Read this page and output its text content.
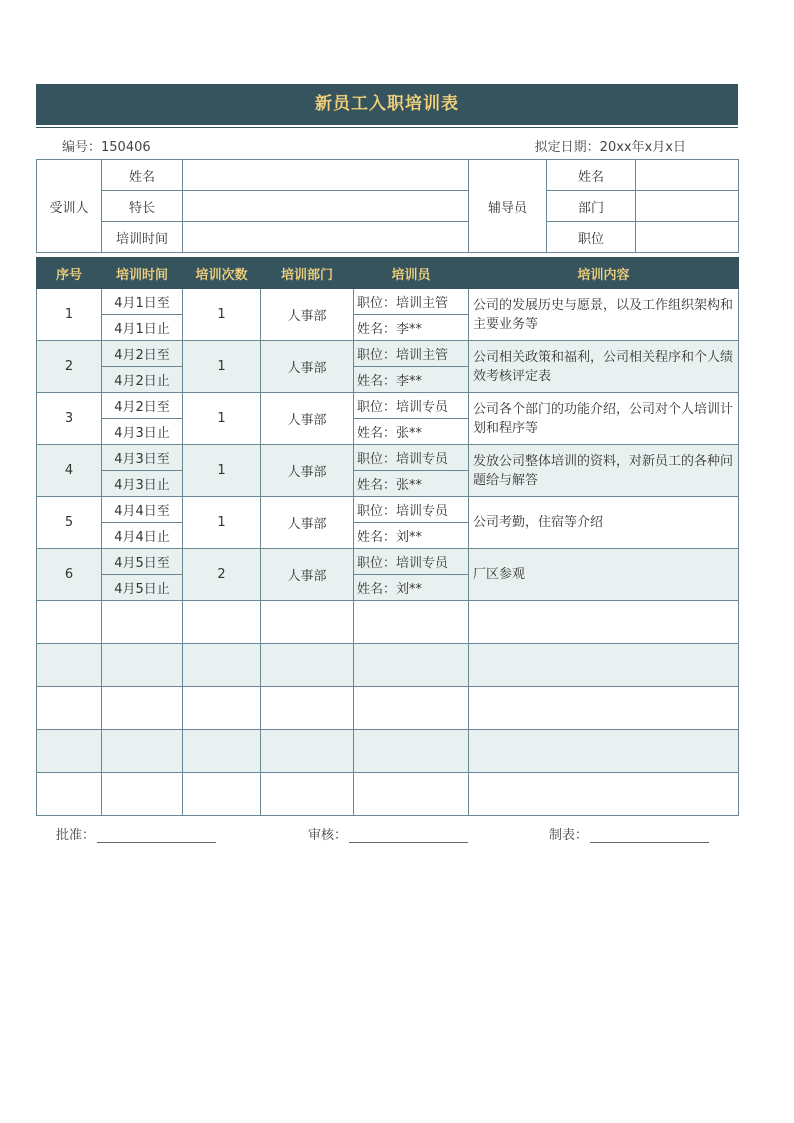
新员工入职培训表
编号：150406	拟定日期：20xx年x月x日
受训人	姓名		辅导员	姓名	
	特长			部门	
	培训时间			职位	
序号	培训时间	培训次数	培训部门	培训员	培训内容
1	4月1日至	1	人事部	职位：培训主管	公司的发展历史与愿景，以及工作组织架构和主要业务等
	4月1日止			姓名：李**	
2	4月2日至	1	人事部	职位：培训主管	公司相关政策和福利，公司相关程序和个人绩效考核评定表
	4月2日止			姓名：李**	
3	4月2日至	1	人事部	职位：培训专员	公司各个部门的功能介绍，公司对个人培训计划和程序等
	4月3日止			姓名：张**	
4	4月3日至	1	人事部	职位：培训专员	发放公司整体培训的资料，对新员工的各种问题给与解答
	4月3日止			姓名：张**	
5	4月4日至	1	人事部	职位：培训专员	公司考勤，住宿等介绍
	4月4日止			姓名：刘**	
6	4月5日至	2	人事部	职位：培训专员	厂区参观
	4月5日止			姓名：刘**	

批准：	审核：	制表：
